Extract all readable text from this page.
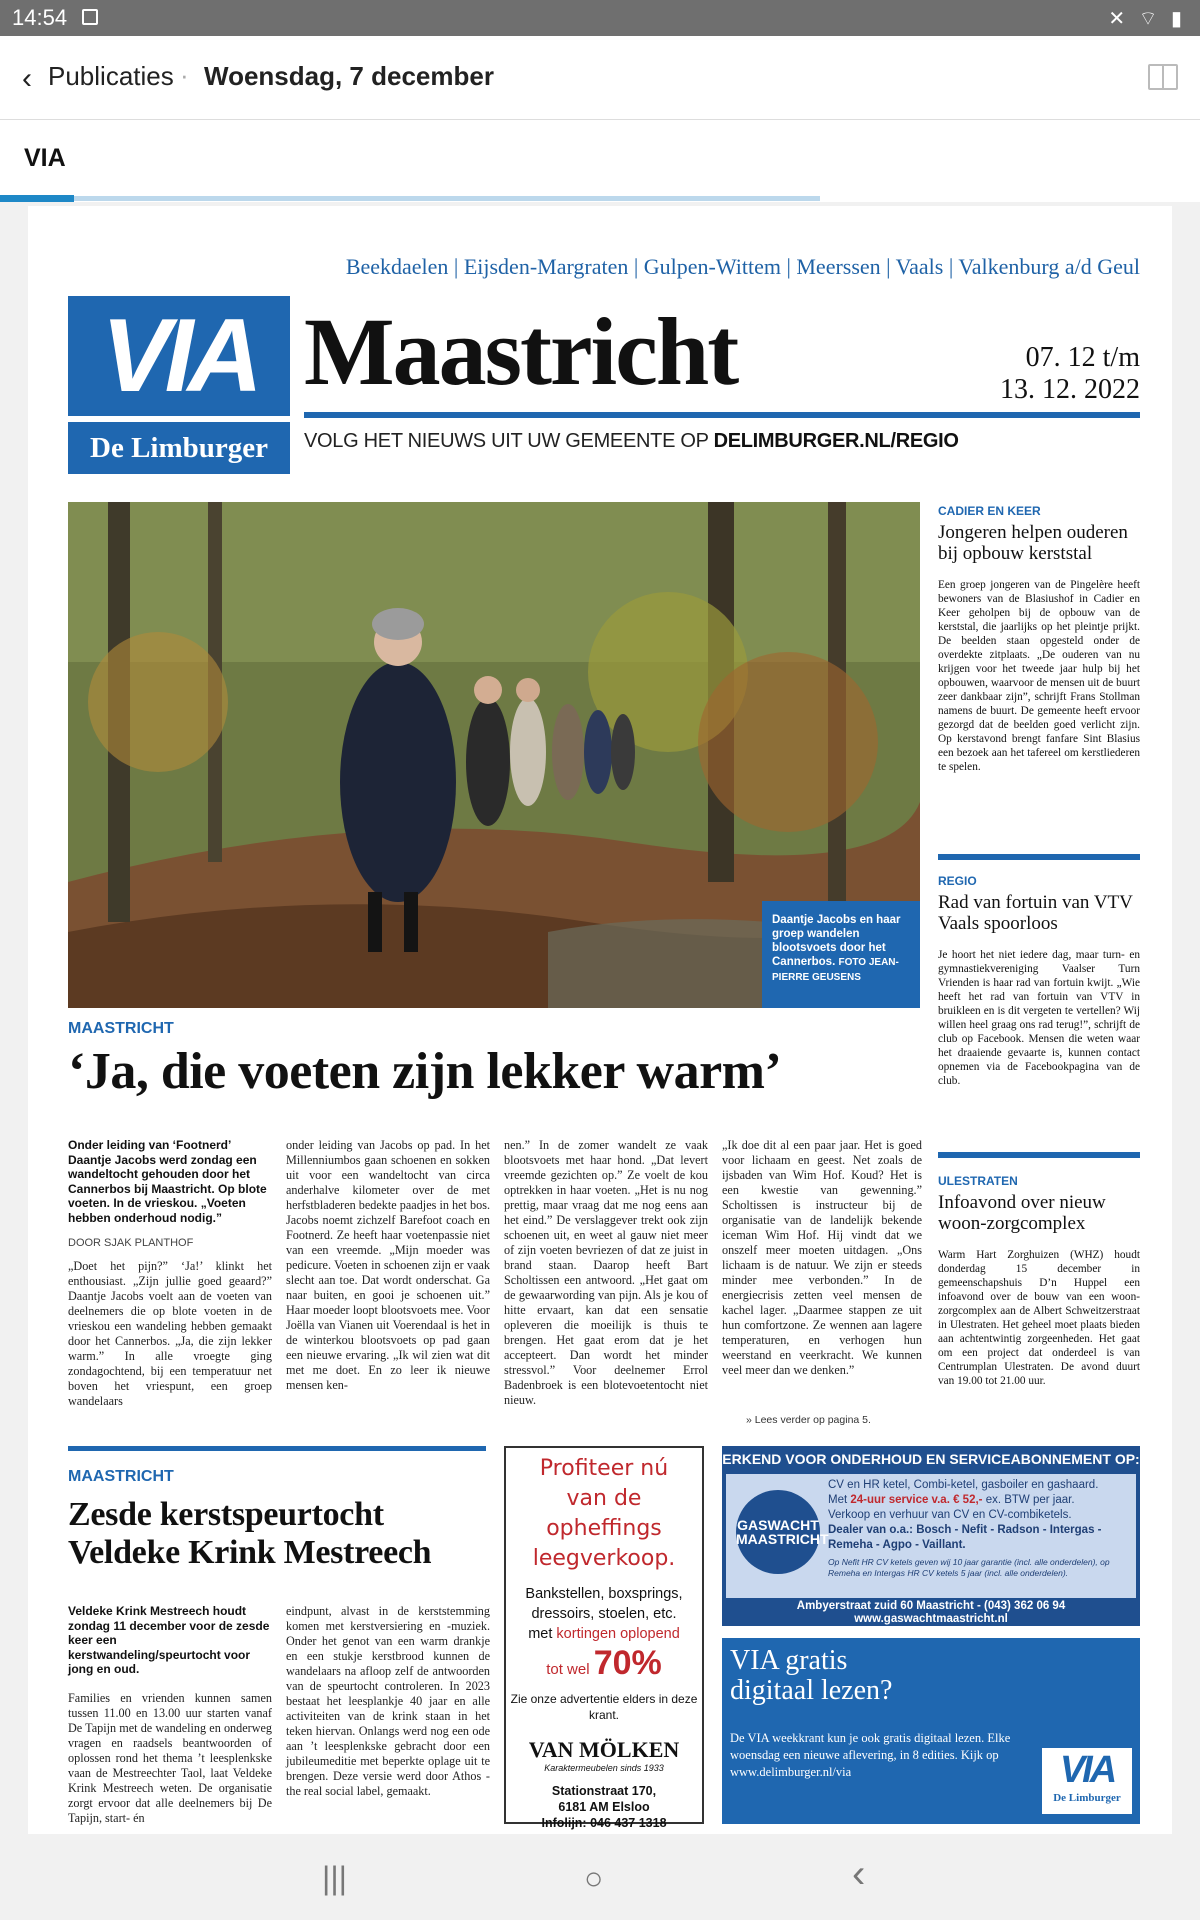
14:54	✕ ⌔ ▮
‹ Publicaties · Woensdag, 7 december
VIA
Beekdaelen | Eijsden-Margraten | Gulpen-Wittem | Meerssen | Vaals | Valkenburg a/d Geul
VIA
De Limburger
Maastricht	07. 12 t/m
13. 12. 2022
VOLG HET NIEUWS UIT UW GEMEENTE OP DELIMBURGER.NL/REGIO
Daantje Jacobs en haar groep wandelen blootsvoets door het Cannerbos. FOTO JEAN-PIERRE GEUSENS
MAASTRICHT
‘Ja, die voeten zijn lekker warm’
Onder leiding van ‘Footnerd’ Daantje Jacobs werd zondag een wandeltocht gehouden door het Cannerbos bij Maastricht. Op blote voeten. In de vrieskou. „Voeten hebben onderhoud nodig.”
DOOR SJAK PLANTHOF
„Doet het pijn?” ‘Ja!’ klinkt het enthousiast. „Zijn jullie goed geaard?” Daantje Jacobs voelt aan de voeten van deelnemers die op blote voeten in de vrieskou een wandeling hebben gemaakt door het Cannerbos. „Ja, die zijn lekker warm.” In alle vroegte ging zondagochtend, bij een temperatuur net boven het vriespunt, een groep wandelaars
onder leiding van Jacobs op pad. In het Millenniumbos gaan schoenen en sokken uit voor een wandeltocht van circa anderhalve kilometer over de met herfstbladeren bedekte paadjes in het bos. Jacobs noemt zichzelf Barefoot coach en Footnerd. Ze heeft haar voetenpassie niet van een vreemde. „Mijn moeder was pedicure. Voeten in schoenen zijn er vaak slecht aan toe. Dat wordt onderschat. Ga naar buiten, en gooi je schoenen uit.” Haar moeder loopt blootsvoets mee. Voor Joëlla van Vianen uit Voerendaal is het in de winterkou blootsvoets op pad gaan een nieuwe ervaring. „Ik wil zien wat dit met me doet. En zo leer ik nieuwe mensen ken-
nen.” In de zomer wandelt ze vaak blootsvoets met haar hond. „Dat levert vreemde gezichten op.” Ze voelt de kou optrekken in haar voeten. „Het is nu nog prettig, maar vraag dat me nog eens aan het eind.” De verslaggever trekt ook zijn schoenen uit, en weet al gauw niet meer of zijn voeten bevriezen of dat ze juist in brand staan. Daarop heeft Bart Scholtissen een antwoord. „Het gaat om de gewaarwording van pijn. Als je kou of hitte ervaart, kan dat een sensatie opleveren die moeilijk is thuis te brengen. Het gaat erom dat je het accepteert. Dan wordt het minder stressvol.” Voor deelnemer Errol Badenbroek is een blotevoetentocht niet nieuw.
„Ik doe dit al een paar jaar. Het is goed voor lichaam en geest. Net zoals de ijsbaden van Wim Hof. Koud? Het is een kwestie van gewenning.” Scholtissen is instructeur bij de organisatie van de landelijk bekende iceman Wim Hof. Hij vindt dat we onszelf meer moeten uitdagen. „Ons lichaam is de natuur. We zijn er steeds minder mee verbonden.” In de energiecrisis zetten veel mensen de kachel lager. „Daarmee stappen ze uit hun comfortzone. Ze wennen aan lagere temperaturen, en verhogen hun weerstand en veerkracht. We kunnen veel meer dan we denken.”
» Lees verder op pagina 5.
CADIER EN KEER
Jongeren helpen ouderen bij opbouw kerststal
Een groep jongeren van de Pingelère heeft bewoners van de Blasiushof in Cadier en Keer geholpen bij de opbouw van de kerststal, die jaarlijks op het pleintje prijkt. De beelden staan opgesteld onder de overdekte zitplaats. „De ouderen van nu krijgen voor het tweede jaar hulp bij het opbouwen, waarvoor de mensen uit de buurt zeer dankbaar zijn”, schrijft Frans Stollman namens de buurt. De gemeente heeft ervoor gezorgd dat de beelden goed verlicht zijn. Op kerstavond brengt fanfare Sint Blasius een bezoek aan het tafereel om kerstliederen te spelen.
REGIO
Rad van fortuin van VTV Vaals spoorloos
Je hoort het niet iedere dag, maar turn- en gymnastiekvereniging Vaalser Turn Vrienden is haar rad van fortuin kwijt. „Wie heeft het rad van fortuin van VTV in bruikleen en is dit vergeten te vertellen? Wij willen heel graag ons rad terug!”, schrijft de club op Facebook. Mensen die weten waar het draaiende gevaarte is, kunnen contact opnemen via de Facebookpagina van de club.
ULESTRATEN
Infoavond over nieuw woon-zorgcomplex
Warm Hart Zorghuizen (WHZ) houdt donderdag 15 december in gemeenschapshuis D’n Huppel een infoavond over de bouw van een woon-zorgcomplex aan de Albert Schweitzerstraat in Ulestraten. Het geheel moet plaats bieden aan achtentwintig zorgeenheden. Het gaat om een project dat onderdeel is van Centrumplan Ulestraten. De avond duurt van 19.00 tot 21.00 uur.
MAASTRICHT
Zesde kerstspeurtocht Veldeke Krink Mestreech
Veldeke Krink Mestreech houdt zondag 11 december voor de zesde keer een kerstwandeling/speurtocht voor jong en oud.
Families en vrienden kunnen samen tussen 11.00 en 13.00 uur starten vanaf De Tapijn met de wandeling en onderweg vragen en raadsels beantwoorden of oplossen rond het thema ’t leesplenkske vaan de Mestreechter Taol, laat Veldeke Krink Mestreech weten. De organisatie zorgt ervoor dat alle deelnemers bij De Tapijn, start- én
eindpunt, alvast in de kerststemming komen met kerstversiering en -muziek. Onder het genot van een warm drankje en een stukje kerstbrood kunnen de wandelaars na afloop zelf de antwoorden van de speurtocht controleren. In 2023 bestaat het leesplankje 40 jaar en alle activiteiten van de krink staan in het teken hiervan. Onlangs werd nog een ode aan ’t leesplenkske gebracht door een jubileumeditie met beperkte oplage uit te brengen. Deze versie werd door Athos - the real social label, gemaakt.
Profiteer nú
van de opheffings
leegverkoop.
Bankstellen, boxsprings, dressoirs, stoelen, etc.
met kortingen oplopend
tot wel 70%
Zie onze advertentie elders in deze krant.
VAN MÖLKEN
Karaktermeubelen sinds 1933
Stationstraat 170,
6181 AM Elsloo
Infolijn: 046 437 1318
ERKEND VOOR ONDERHOUD EN SERVICEABONNEMENT OP:
GASWACHT MAASTRICHT
CV en HR ketel, Combi-ketel, gasboiler en gashaard.
Met 24-uur service v.a. € 52,- ex. BTW per jaar.
Verkoop en verhuur van CV en CV-combiketels.
Dealer van o.a.: Bosch - Nefit - Radson - Intergas - Remeha - Agpo - Vaillant.
Op Nefit HR CV ketels geven wij 10 jaar garantie (incl. alle onderdelen), op Remeha en Intergas HR CV ketels 5 jaar (incl. alle onderdelen).
Ambyerstraat zuid 60 Maastricht - (043) 362 06 94
www.gaswachtmaastricht.nl
VIA gratis
digitaal lezen?
De VIA weekkrant kun je ook gratis digitaal lezen. Elke woensdag een nieuwe aflevering, in 8 edities. Kijk op www.delimburger.nl/via	VIA
De Limburger
|||	○	‹
